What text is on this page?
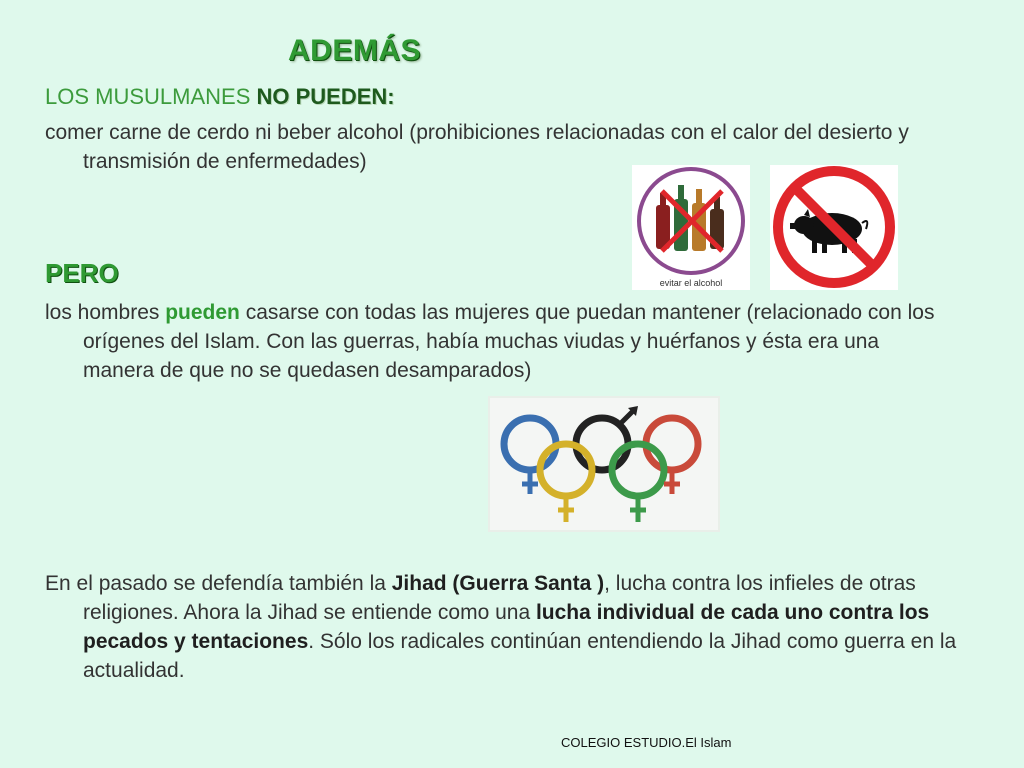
ADEMÁS
LOS MUSULMANES NO PUEDEN:
comer carne de cerdo ni beber alcohol (prohibiciones relacionadas con el calor del desierto y transmisión de enfermedades)
evitar el alcohol
PERO
los hombres pueden casarse con todas las mujeres que puedan mantener (relacionado con los orígenes del Islam. Con las guerras, había muchas viudas y huérfanos y ésta era una manera de que no se quedasen desamparados)
En el pasado se defendía también la Jihad (Guerra Santa ), lucha contra los infieles de otras religiones. Ahora la Jihad se entiende como una lucha individual de cada uno contra los pecados y tentaciones. Sólo los radicales continúan entendiendo la Jihad como guerra en la actualidad.
COLEGIO ESTUDIO.El Islam
